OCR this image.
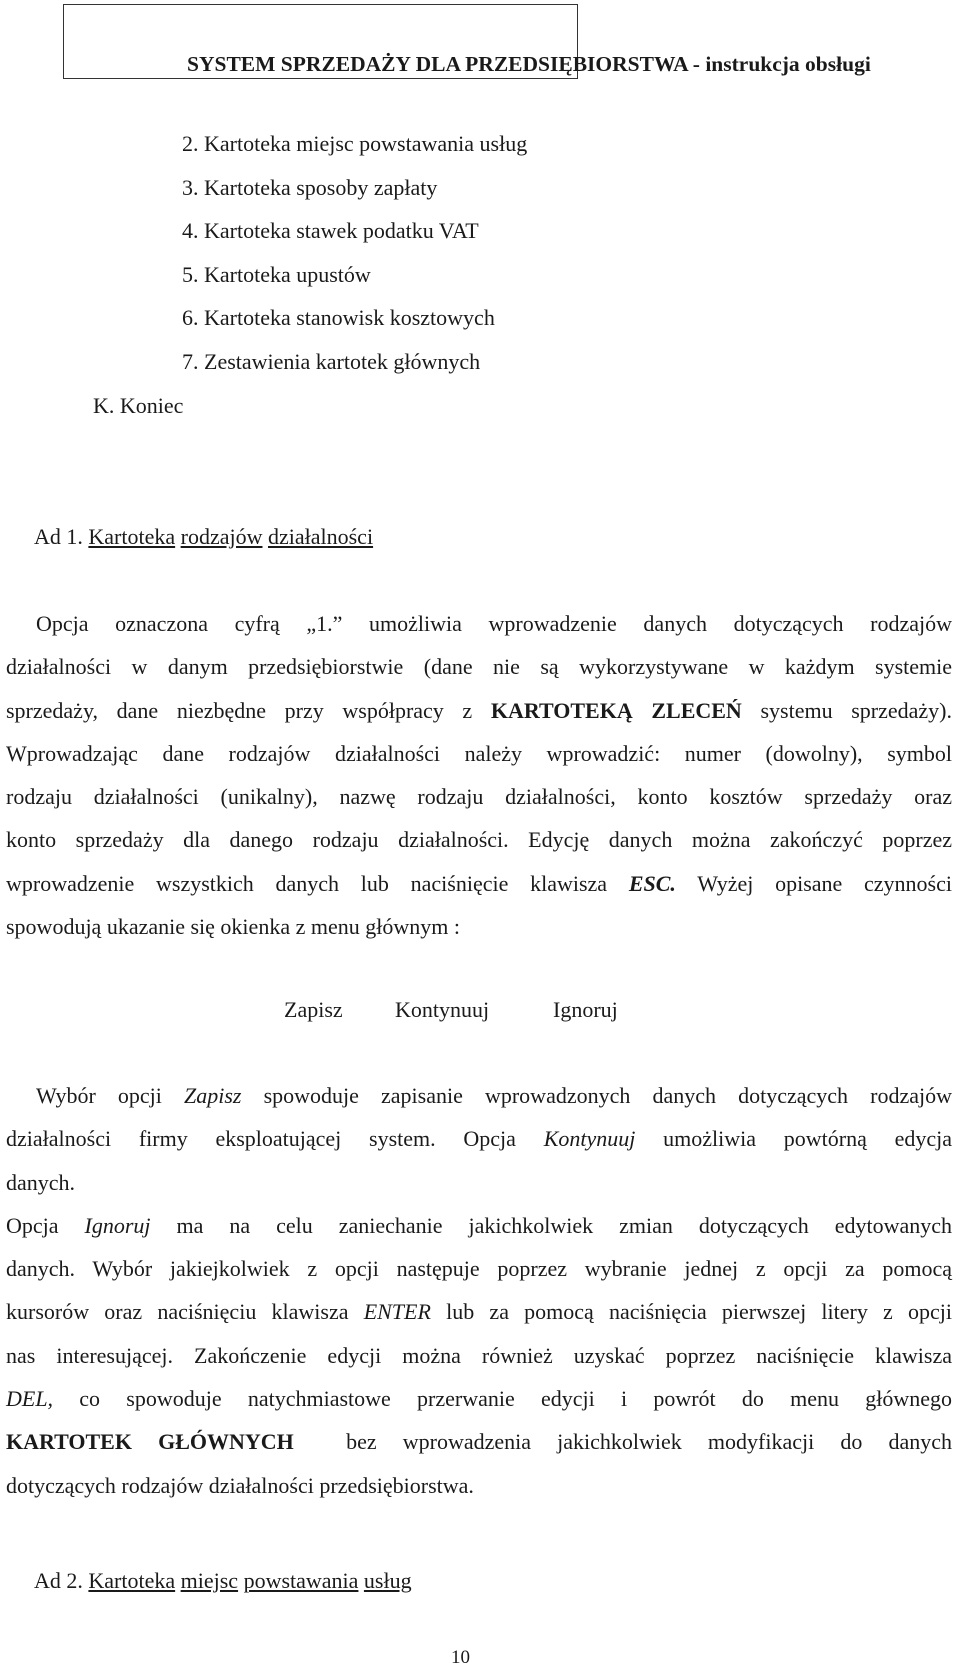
SYSTEM SPRZEDAŻY DLA PRZEDSIĘBIORSTWA - instrukcja obsługi
2. Kartoteka miejsc powstawania usług
3. Kartoteka sposoby zapłaty
4. Kartoteka stawek podatku VAT
5. Kartoteka upustów
6. Kartoteka stanowisk kosztowych
7. Zestawienia kartotek głównych
K. Koniec
Ad 1. Kartoteka rodzajów działalności
Opcja oznaczona cyfrą „1.” umożliwia wprowadzenie danych dotyczących rodzajów
działalności w danym przedsiębiorstwie (dane nie są wykorzystywane w każdym systemie
sprzedaży, dane niezbędne przy współpracy z KARTOTEKĄ ZLECEŃ systemu sprzedaży).
Wprowadzając dane rodzajów działalności należy wprowadzić: numer (dowolny), symbol
rodzaju działalności (unikalny), nazwę rodzaju działalności, konto kosztów sprzedaży oraz
konto sprzedaży dla danego rodzaju działalności. Edycję danych można zakończyć poprzez
wprowadzenie wszystkich danych lub naciśnięcie klawisza ESC. Wyżej opisane czynności
spowodują ukazanie się okienka z menu głównym :
Zapisz Kontynuuj	Ignoruj
Wybór opcji Zapisz spowoduje zapisanie wprowadzonych danych dotyczących rodzajów
działalności firmy eksploatującej system. Opcja Kontynuuj umożliwia powtórną edycja
danych.
Opcja Ignoruj ma na celu zaniechanie jakichkolwiek zmian dotyczących edytowanych
danych. Wybór jakiejkolwiek z opcji następuje poprzez wybranie jednej z opcji za pomocą
kursorów oraz naciśnięciu klawisza ENTER lub za pomocą naciśnięcia pierwszej litery z opcji
nas interesującej. Zakończenie edycji można również uzyskać poprzez naciśnięcie klawisza
DEL, co spowoduje natychmiastowe przerwanie edycji i powrót do menu głównego
KARTOTEK GŁÓWNYCH bez wprowadzenia jakichkolwiek modyfikacji do danych
dotyczących rodzajów działalności przedsiębiorstwa.
Ad 2. Kartoteka miejsc powstawania usług
10
